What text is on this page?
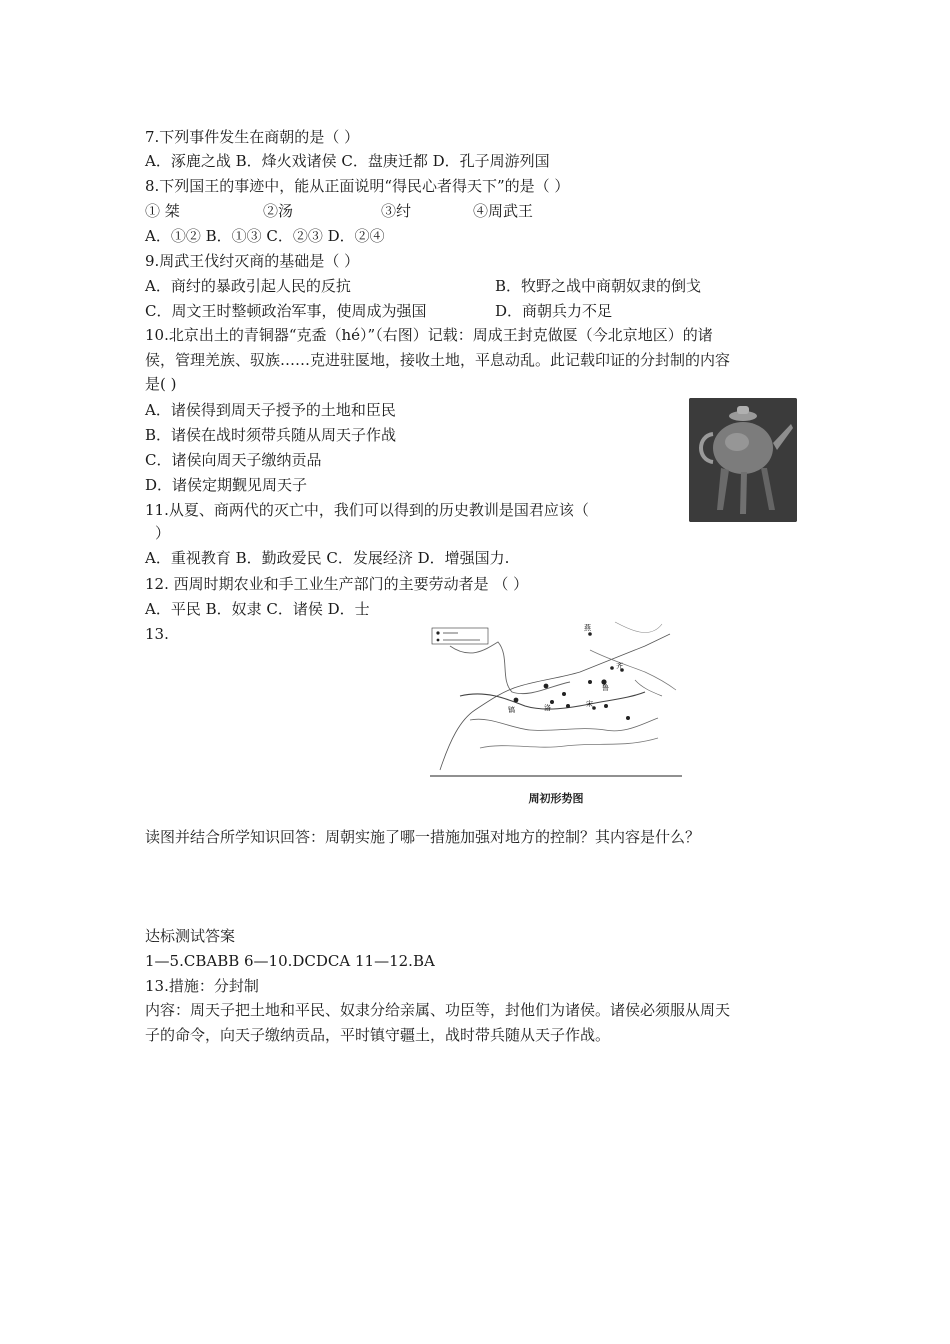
7.下列事件发生在商朝的是（ ）
A．涿鹿之战 B．烽火戏诸侯 C．盘庚迁都 D．孔子周游列国
8.下列国王的事迹中，能从正面说明“得民心者得天下”的是（ ）
① 桀	②汤	③纣	④周武王
A．①② B．①③ C．②③ D．②④
9.周武王伐纣灭商的基础是（ ）
A．商纣的暴政引起人民的反抗	B．牧野之战中商朝奴隶的倒戈
C．周文王时整顿政治军事，使周成为强国	D．商朝兵力不足
10.北京出土的青铜器“克盉（hé）”（右图）记载：周成王封克做匽（今北京地区）的诸
侯，管理羌族、驭族……克进驻匽地，接收土地，平息动乱。此记载印证的分封制的内容
是( )
A．诸侯得到周天子授予的土地和臣民
B．诸侯在战时须带兵随从周天子作战
C．诸侯向周天子缴纳贡品
D．诸侯定期觐见周天子
11.从夏、商两代的灭亡中，我们可以得到的历史教训是国君应该（
）
A．重视教育 B．勤政爱民 C．发展经济 D．增强国力.
12. 西周时期农业和手工业生产部门的主要劳动者是 （ ）
A．平民 B．奴隶 C．诸侯 D．士
13.	燕
齐
鲁
宋
镐	洛
周初形势图
读图并结合所学知识回答：周朝实施了哪一措施加强对地方的控制？其内容是什么？
达标测试答案
1—5.CBABB 6—10.DCDCA 11—12.BA
13.措施：分封制
内容：周天子把土地和平民、奴隶分给亲属、功臣等，封他们为诸侯。诸侯必须服从周天
子的命令，向天子缴纳贡品，平时镇守疆土，战时带兵随从天子作战。
